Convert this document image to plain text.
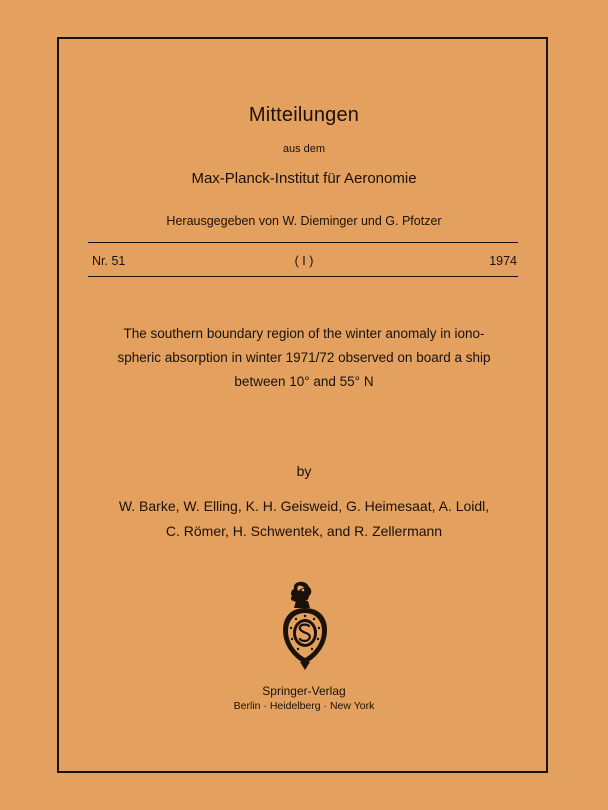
Mitteilungen
aus dem
Max-Planck-Institut für Aeronomie
Herausgegeben von W. Dieminger und G. Pfotzer
Nr. 51	( I )	1974
The southern boundary region of the winter anomaly in iono-
spheric absorption in winter 1971/72 observed on board a ship
between 10° and 55° N
by
W. Barke, W. Elling, K. H. Geisweid, G. Heimesaat, A. Loidl,
C. Römer, H. Schwentek, and R. Zellermann
Springer-Verlag
Berlin · Heidelberg · New York
